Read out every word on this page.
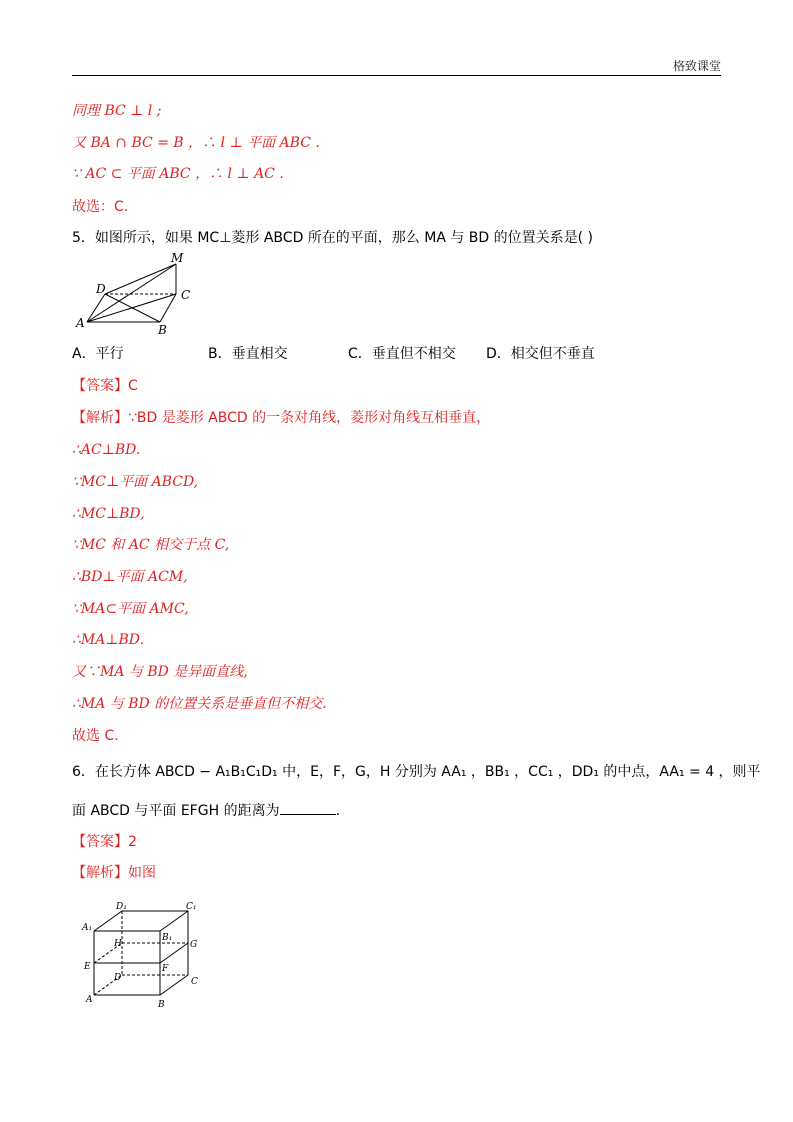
格致课堂
同理 BC ⊥ l ;
又 BA ∩ BC = B ，∴ l ⊥ 平面 ABC .
∵ AC ⊂ 平面 ABC ，∴ l ⊥ AC .
故选：C.
5．如图所示，如果 MC⊥菱形 ABCD 所在的平面，那么 MA 与 BD 的位置关系是( )
M
D	C
A	B
A．平行	B．垂直相交	C．垂直但不相交 D．相交但不垂直
【答案】C
【解析】∵BD 是菱形 ABCD 的一条对角线，菱形对角线互相垂直，
∴AC⊥BD.
∵MC⊥平面 ABCD,
∴MC⊥BD,
∵MC 和 AC 相交于点 C,
∴BD⊥平面 ACM,
∵MA⊂平面 AMC,
∴MA⊥BD.
又∵MA 与 BD 是异面直线,
∴MA 与 BD 的位置关系是垂直但不相交.
故选 C.
6．在长方体 ABCD − A₁B₁C₁D₁ 中，E，F，G，H 分别为 AA₁ ，BB₁ ，CC₁ ，DD₁ 的中点，AA₁ = 4 ，则平
面 ABCD 与平面 EFGH 的距离为	.
【答案】2
【解析】如图
D₁	C₁
A₁
B₁
H	G
E	F
D	C
A	B
